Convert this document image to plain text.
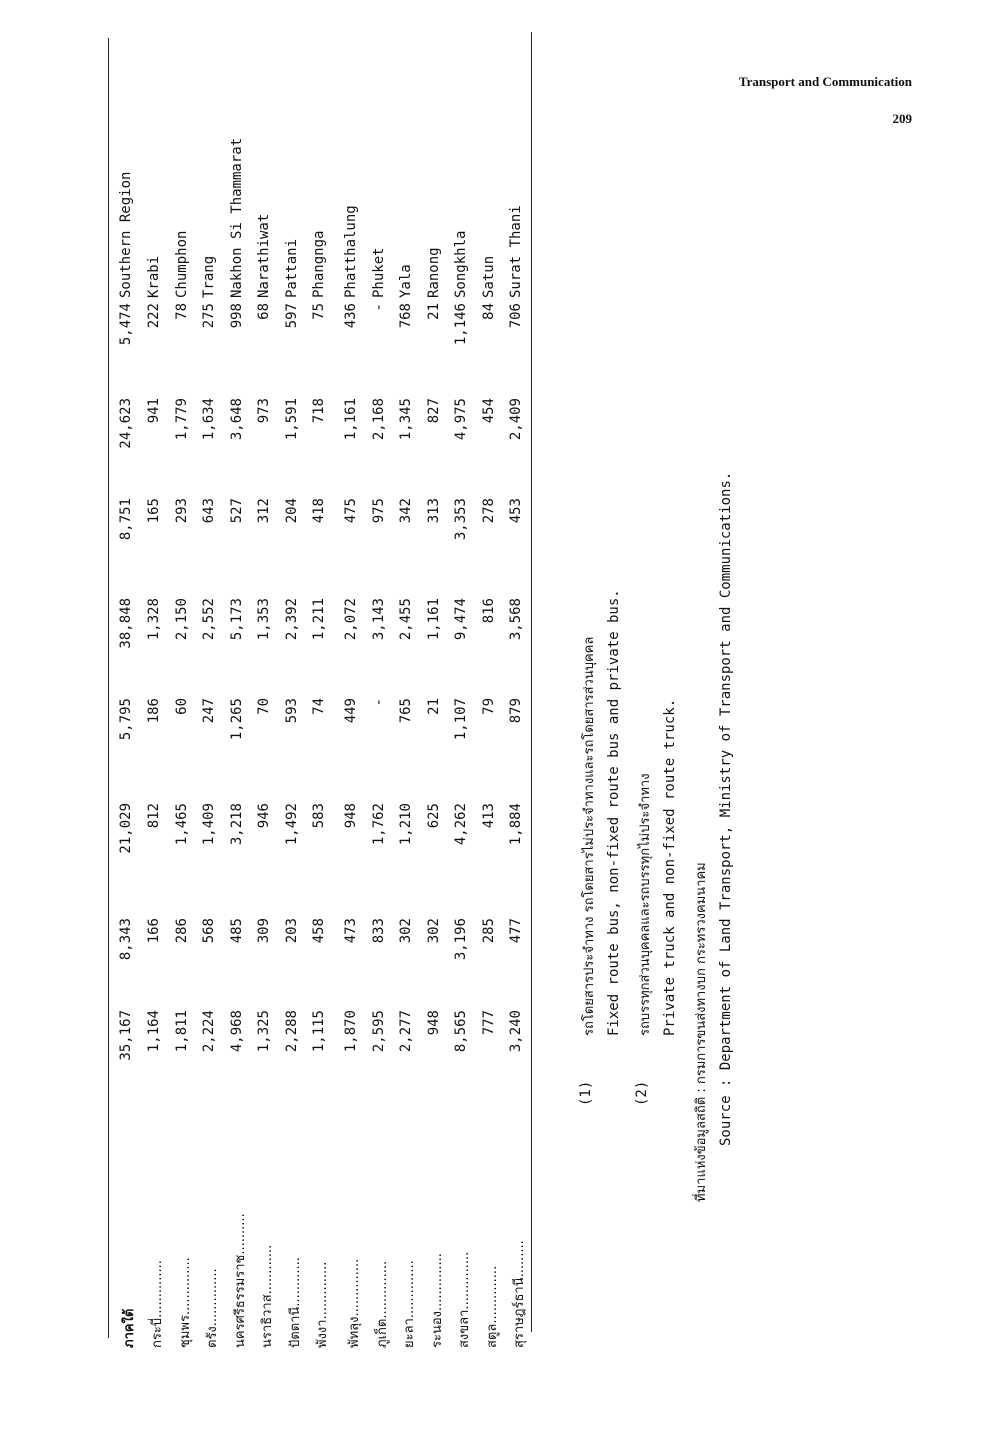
Transport and Communication
209
ภาคใต้
35,167
8,343
21,029
5,795
38,848
8,751
24,623
5,474
Southern Region
กระบี่..............
1,164
166
812
186
1,328
165
941
222
Krabi
ชุมพร..............
1,811
286
1,465
60
2,150
293
1,779
78
Chumphon
ตรัง..............
2,224
568
1,409
247
2,552
643
1,634
275
Trang
นครศรีธรรมราช..........
4,968
485
3,218
1,265
5,173
527
3,648
998
Nakhon Si Thammarat
นราธิวาส............
1,325
309
946
70
1,353
312
973
68
Narathiwat
ปัตตานี............
2,288
203
1,492
593
2,392
204
1,591
597
Pattani
พังงา..............
1,115
458
583
74
1,211
418
718
75
Phangnga
พัทลุง..............
1,870
473
948
449
2,072
475
1,161
436
Phatthalung
ภูเก็ต..............
2,595
833
1,762
-
3,143
975
2,168
-
Phuket
ยะลา..............
2,277
302
1,210
765
2,455
342
1,345
768
Yala
ระนอง..............
948
302
625
21
1,161
313
827
21
Ranong
สงขลา..............
8,565
3,196
4,262
1,107
9,474
3,353
4,975
1,146
Songkhla
สตูล..............
777
285
413
79
816
278
454
84
Satun
สุราษฎร์ธานี.........
3,240
477
1,884
879
3,568
453
2,409
706
Surat Thani
(1)
รถโดยสารประจำทาง รถโดยสารไม่ประจำทางและรถโดยสารส่วนบุคคล Fixed route bus, non-fixed route bus and private bus.
(2)
รถบรรทุกส่วนบุคคลและรถบรรทุกไม่ประจำทาง Private truck and non-fixed route truck.	ที่มาแห่งข้อมูลสถิติ : กรมการขนส่งทางบก กระทรวงคมนาคม Source : Department of Land Transport, Ministry of Transport and Communications.
